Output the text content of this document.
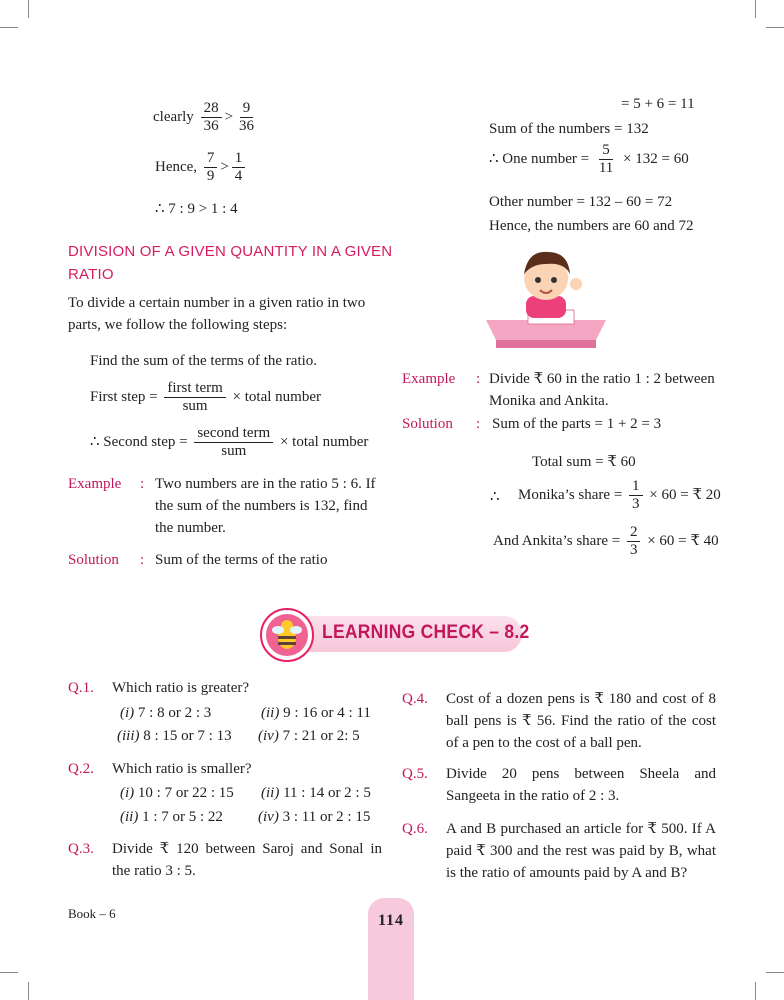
clearly $\frac{28}{36} > \frac{9}{36}$
Hence, $\frac{7}{9} > \frac{1}{4}$
∴ 7 : 9 > 1 : 4
DIVISION OF A GIVEN QUANTITY IN A GIVEN
RATIO
To divide a certain number in a given ratio in two
parts, we follow the following steps:
Find the sum of the terms of the ratio.
First step = $\frac{\text{first term}}{\text{sum}}$ × total number
∴ Second step = $\frac{\text{second term}}{\text{sum}}$ × total number
Example : Two numbers are in the ratio 5 : 6. If
the sum of the numbers is 132, find
the number.
Solution : Sum of the terms of the ratio
= 5 + 6 = 11
Sum of the numbers = 132
∴ One number = $\frac{5}{11} \times 132 = 60$
Other number = 132 – 60 = 72
Hence, the numbers are 60 and 72
Example : Divide ₹ 60 in the ratio 1 : 2 between
Monika and Ankita.
Solution : Sum of the parts = 1 + 2 = 3
Total sum = ₹ 60
∴ Monika’s share = $\frac{1}{3} \times 60$ = ₹ 20
And Ankita’s share = $\frac{2}{3} \times 60$ = ₹ 40
LEARNING CHECK – 8.2
Q.1. Which ratio is greater?
(i) 7 : 8 or 2 : 3	(ii) 9 : 16 or 4 : 11
(iii) 8 : 15 or 7 : 13 (iv) 7 : 21 or 2: 5
Q.2. Which ratio is smaller?
(i) 10 : 7 or 22 : 15 (ii) 11 : 14 or 2 : 5
(ii) 1 : 7 or 5 : 22 (iv) 3 : 11 or 2 : 15
Q.3. Divide ₹ 120 between Saroj and Sonal in
the ratio 3 : 5.
Q.4. Cost of a dozen pens is ₹ 180 and cost of 8
ball pens is ₹ 56. Find the ratio of the cost
of a pen to the cost of a ball pen.
Q.5. Divide 20 pens between Sheela and
Sangeeta in the ratio of 2 : 3.
Q.6. A and B purchased an article for ₹ 500. If A
paid ₹ 300 and the rest was paid by B, what
is the ratio of amounts paid by A and B?
Book – 6	114
